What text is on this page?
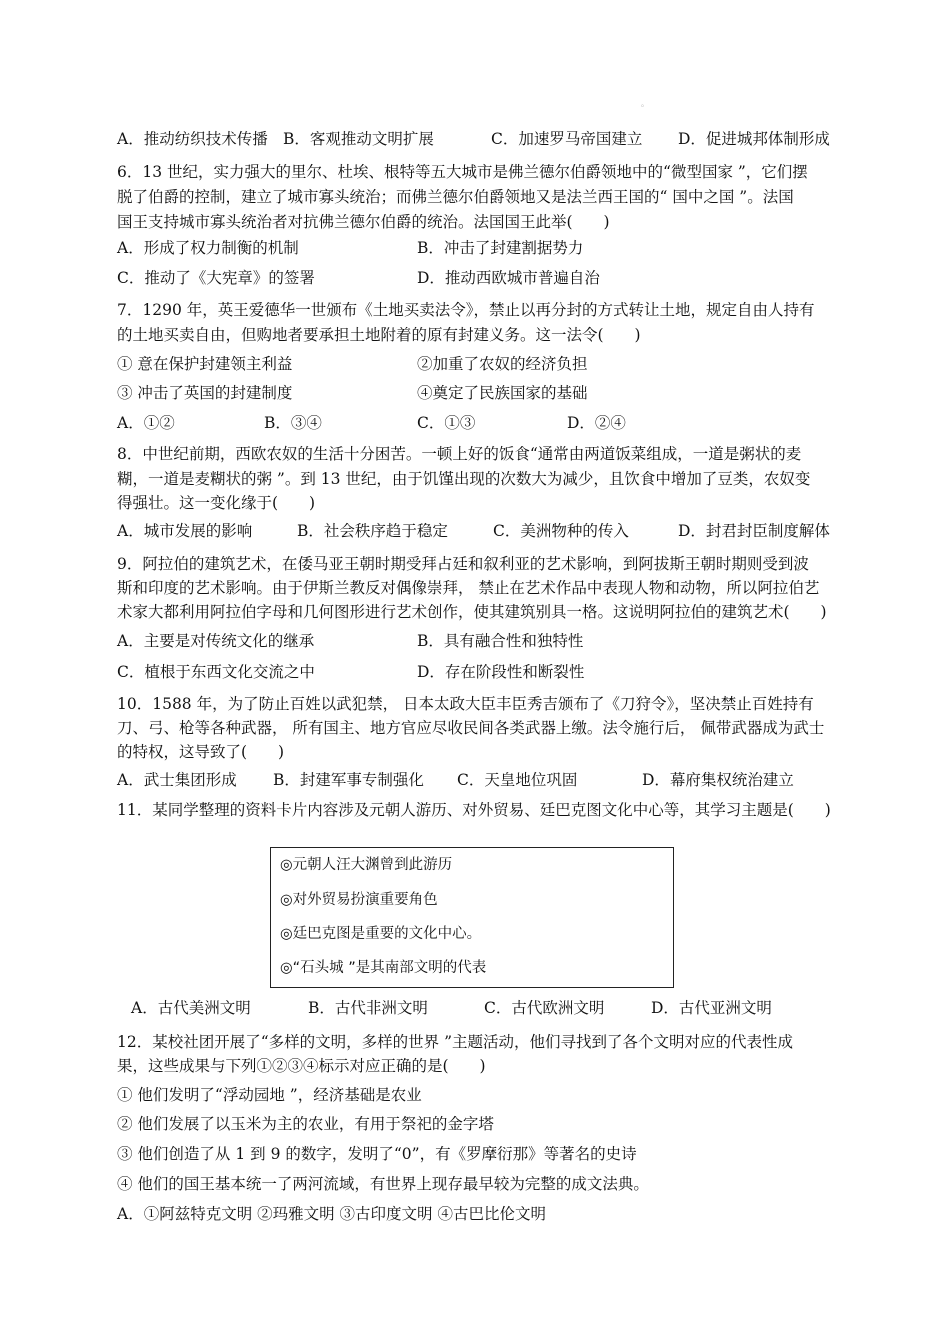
。
A．推动纺织技术传播 B．客观推动文明扩展	C．加速罗马帝国建立 D．促进城邦体制形成
6．13 世纪，实力强大的里尔、杜埃、根特等五大城市是佛兰德尔伯爵领地中的“微型国家 ”，它们摆
脱了伯爵的控制，建立了城市寡头统治；而佛兰德尔伯爵领地又是法兰西王国的“ 国中之国 ”。法国
国王支持城市寡头统治者对抗佛兰德尔伯爵的统治。法国国王此举(　　)
A．形成了权力制衡的机制	B．冲击了封建割据势力
C．推动了《大宪章》的签署	D．推动西欧城市普遍自治
7．1290 年，英王爱德华一世颁布《土地买卖法令》，禁止以再分封的方式转让土地，规定自由人持有
的土地买卖自由，但购地者要承担土地附着的原有封建义务。这一法令(　　)
① 意在保护封建领主利益	②加重了农奴的经济负担
③ 冲击了英国的封建制度	④奠定了民族国家的基础
A．①②	B．③④	C．①③	D．②④
8．中世纪前期，西欧农奴的生活十分困苦。一顿上好的饭食“通常由两道饭菜组成，一道是粥状的麦
糊，一道是麦糊状的粥 ”。到 13 世纪，由于饥馑出现的次数大为减少，且饮食中增加了豆类，农奴变
得强壮。这一变化缘于(　　)
A．城市发展的影响	B．社会秩序趋于稳定	C．美洲物种的传入	D．封君封臣制度解体
9．阿拉伯的建筑艺术，在倭马亚王朝时期受拜占廷和叙利亚的艺术影响，到阿拔斯王朝时期则受到波
斯和印度的艺术影响。由于伊斯兰教反对偶像崇拜， 禁止在艺术作品中表现人物和动物，所以阿拉伯艺
术家大都利用阿拉伯字母和几何图形进行艺术创作，使其建筑别具一格。这说明阿拉伯的建筑艺术(　　)
A．主要是对传统文化的继承	B．具有融合性和独特性
C．植根于东西文化交流之中	D．存在阶段性和断裂性
10．1588 年，为了防止百姓以武犯禁， 日本太政大臣丰臣秀吉颁布了《刀狩令》，坚决禁止百姓持有
刀、弓、枪等各种武器， 所有国主、地方官应尽收民间各类武器上缴。法令施行后， 佩带武器成为武士
的特权，这导致了(　　)
A．武士集团形成 B．封建军事专制强化 C．天皇地位巩固	D．幕府集权统治建立
11．某同学整理的资料卡片内容涉及元朝人游历、对外贸易、廷巴克图文化中心等，其学习主题是(　　)
◎元朝人汪大渊曾到此游历
◎对外贸易扮演重要角色
◎廷巴克图是重要的文化中心。
◎“石头城 ”是其南部文明的代表
A．古代美洲文明	B．古代非洲文明	C．古代欧洲文明	D．古代亚洲文明
12．某校社团开展了“多样的文明，多样的世界 ”主题活动，他们寻找到了各个文明对应的代表性成
果，这些成果与下列①②③④标示对应正确的是(　　)
① 他们发明了“浮动园地 ”，经济基础是农业
② 他们发展了以玉米为主的农业，有用于祭祀的金字塔
③ 他们创造了从 1 到 9 的数字，发明了“0”，有《罗摩衍那》等著名的史诗
④ 他们的国王基本统一了两河流域，有世界上现存最早较为完整的成文法典。
A．①阿兹特克文明 ②玛雅文明 ③古印度文明 ④古巴比伦文明
